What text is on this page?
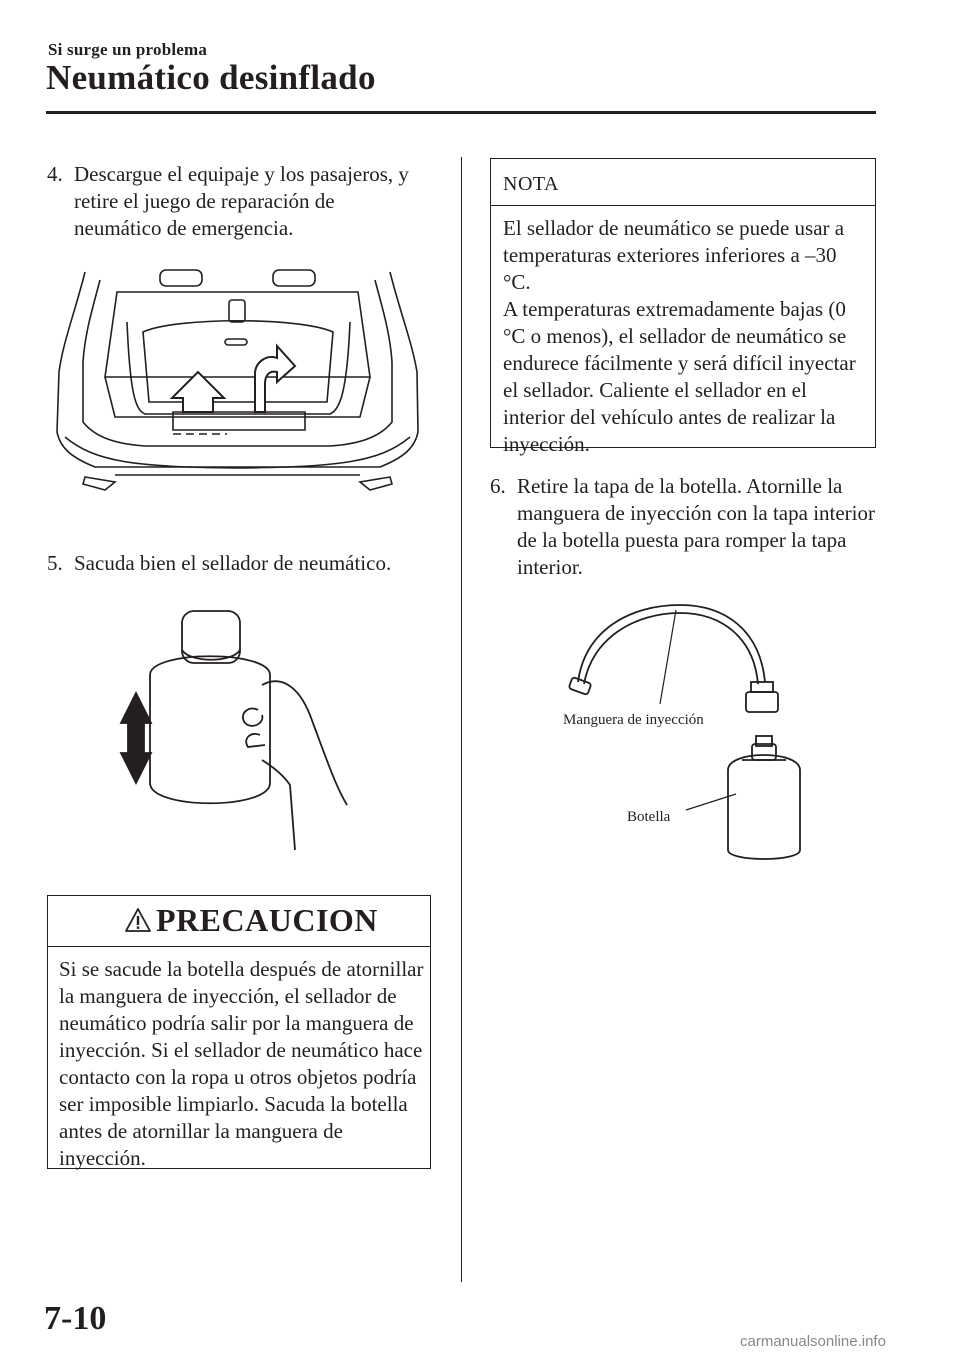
Si surge un problema
Neumático desinflado
4. Descargue el equipaje y los pasajeros, y retire el juego de reparación de neumático de emergencia.
5. Sacuda bien el sellador de neumático.
PRECAUCION
Si se sacude la botella después de atornillar la manguera de inyección, el sellador de neumático podría salir por la manguera de inyección. Si el sellador de neumático hace contacto con la ropa u otros objetos podría ser imposible limpiarlo. Sacuda la botella antes de atornillar la manguera de inyección.
NOTA
El sellador de neumático se puede usar a temperaturas exteriores inferiores a –30 °C.
A temperaturas extremadamente bajas (0 °C o menos), el sellador de neumático se endurece fácilmente y será difícil inyectar el sellador. Caliente el sellador en el interior del vehículo antes de realizar la inyección.
6. Retire la tapa de la botella. Atornille la manguera de inyección con la tapa interior de la botella puesta para romper la tapa interior.
Manguera de inyección
Botella
7-10
carmanualsonline.info
